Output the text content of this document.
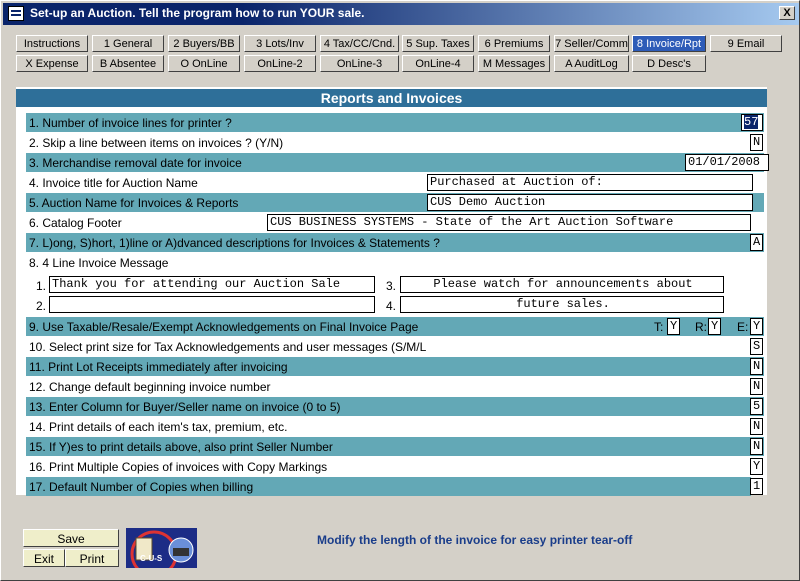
Set-up an Auction. Tell the program how to run YOUR sale.	X
Instructions	1 General	2 Buyers/BB	3 Lots/Inv	4 Tax/CC/Cnd.	5 Sup. Taxes	6 Premiums	7 Seller/Comm 8 Invoice/Rpt	9 Email
X Expense	B Absentee	O OnLine	OnLine-2	OnLine-3	OnLine-4	M Messages	A AuditLog	D Desc's
Reports and Invoices
1. Number of invoice lines for printer ?	57
2. Skip a line between items on invoices ? (Y/N)	N
3. Merchandise removal date for invoice	01/01/2008
4. Invoice title for Auction Name	Purchased at Auction of:
5. Auction Name for Invoices & Reports	CUS Demo Auction
6. Catalog Footer	CUS BUSINESS SYSTEMS - State of the Art Auction Software
7. L)ong, S)hort, 1)line or A)dvanced descriptions for Invoices & Statements ?	A
8. 4 Line Invoice Message
1. Thank you for attending our Auction Sale
2.
3.	Please watch for announcements about
4.	future sales.
9. Use Taxable/Resale/Exempt Acknowledgements on Final Invoice Page	T: Y R: Y E: Y
10. Select print size for Tax Acknowledgements and user messages (S/M/L	S
11. Print Lot Receipts immediately after invoicing	N
12. Change default beginning invoice number	N
13. Enter Column for Buyer/Seller name on invoice (0 to 5)	5
14. Print details of each item's tax, premium, etc.	N
15. If Y)es to print details above, also print Seller Number	N
16. Print Multiple Copies of invoices with Copy Markings	Y
17. Default Number of Copies when billing	1
Save
Exit	Print	C-U-S
Modify the length of the invoice for easy printer tear-off
